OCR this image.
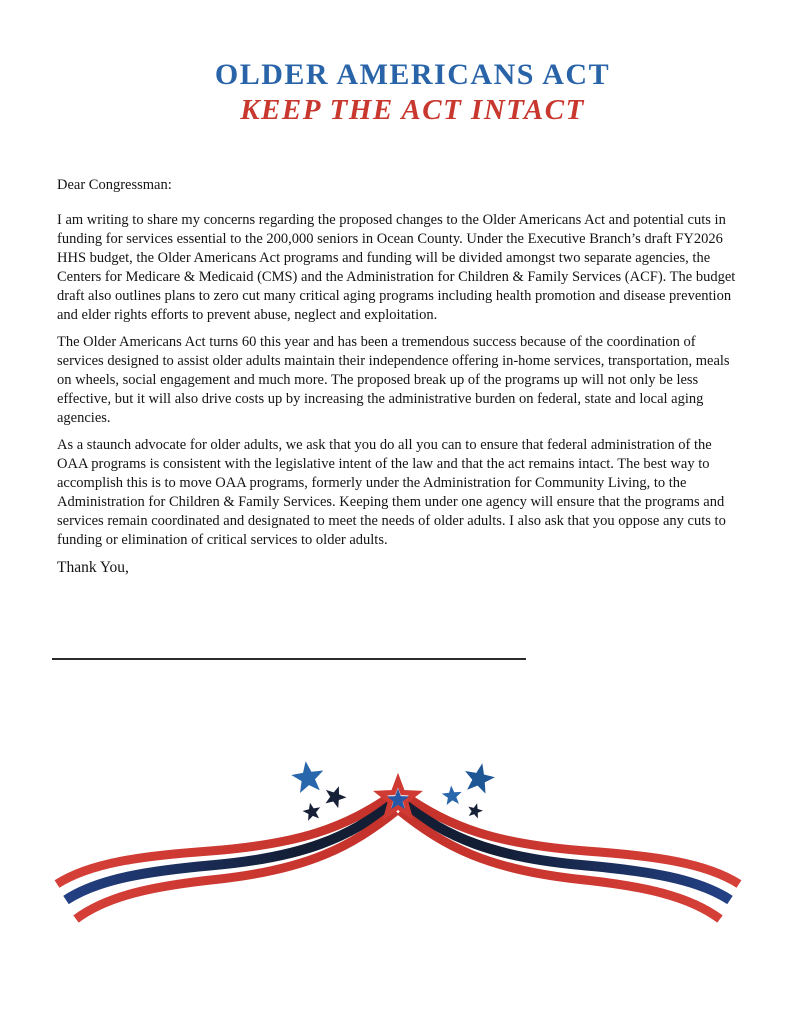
OLDER AMERICANS ACT
KEEP THE ACT INTACT

Dear Congressman:

I am writing to share my concerns regarding the proposed changes to the Older Americans Act and potential cuts in funding for services essential to the 200,000 seniors in Ocean County. Under the Executive Branch’s draft FY2026 HHS budget, the Older Americans Act programs and funding will be divided amongst two separate agencies, the Centers for Medicare & Medicaid (CMS) and the Administration for Children & Family Services (ACF). The budget draft also outlines plans to zero cut many critical aging programs including health promotion and disease prevention and elder rights efforts to prevent abuse, neglect and exploitation.

The Older Americans Act turns 60 this year and has been a tremendous success because of the coordination of services designed to assist older adults maintain their independence offering in-home services, transportation, meals on wheels, social engagement and much more. The proposed break up of the programs up will not only be less effective, but it will also drive costs up by increasing the administrative burden on federal, state and local aging agencies.

As a staunch advocate for older adults, we ask that you do all you can to ensure that federal administration of the OAA programs is consistent with the legislative intent of the law and that the act remains intact. The best way to accomplish this is to move OAA programs, formerly under the Administration for Community Living, to the Administration for Children & Family Services. Keeping them under one agency will ensure that the programs and services remain coordinated and designated to meet the needs of older adults. I also ask that you oppose any cuts to funding or elimination of critical services to older adults.

Thank You,
